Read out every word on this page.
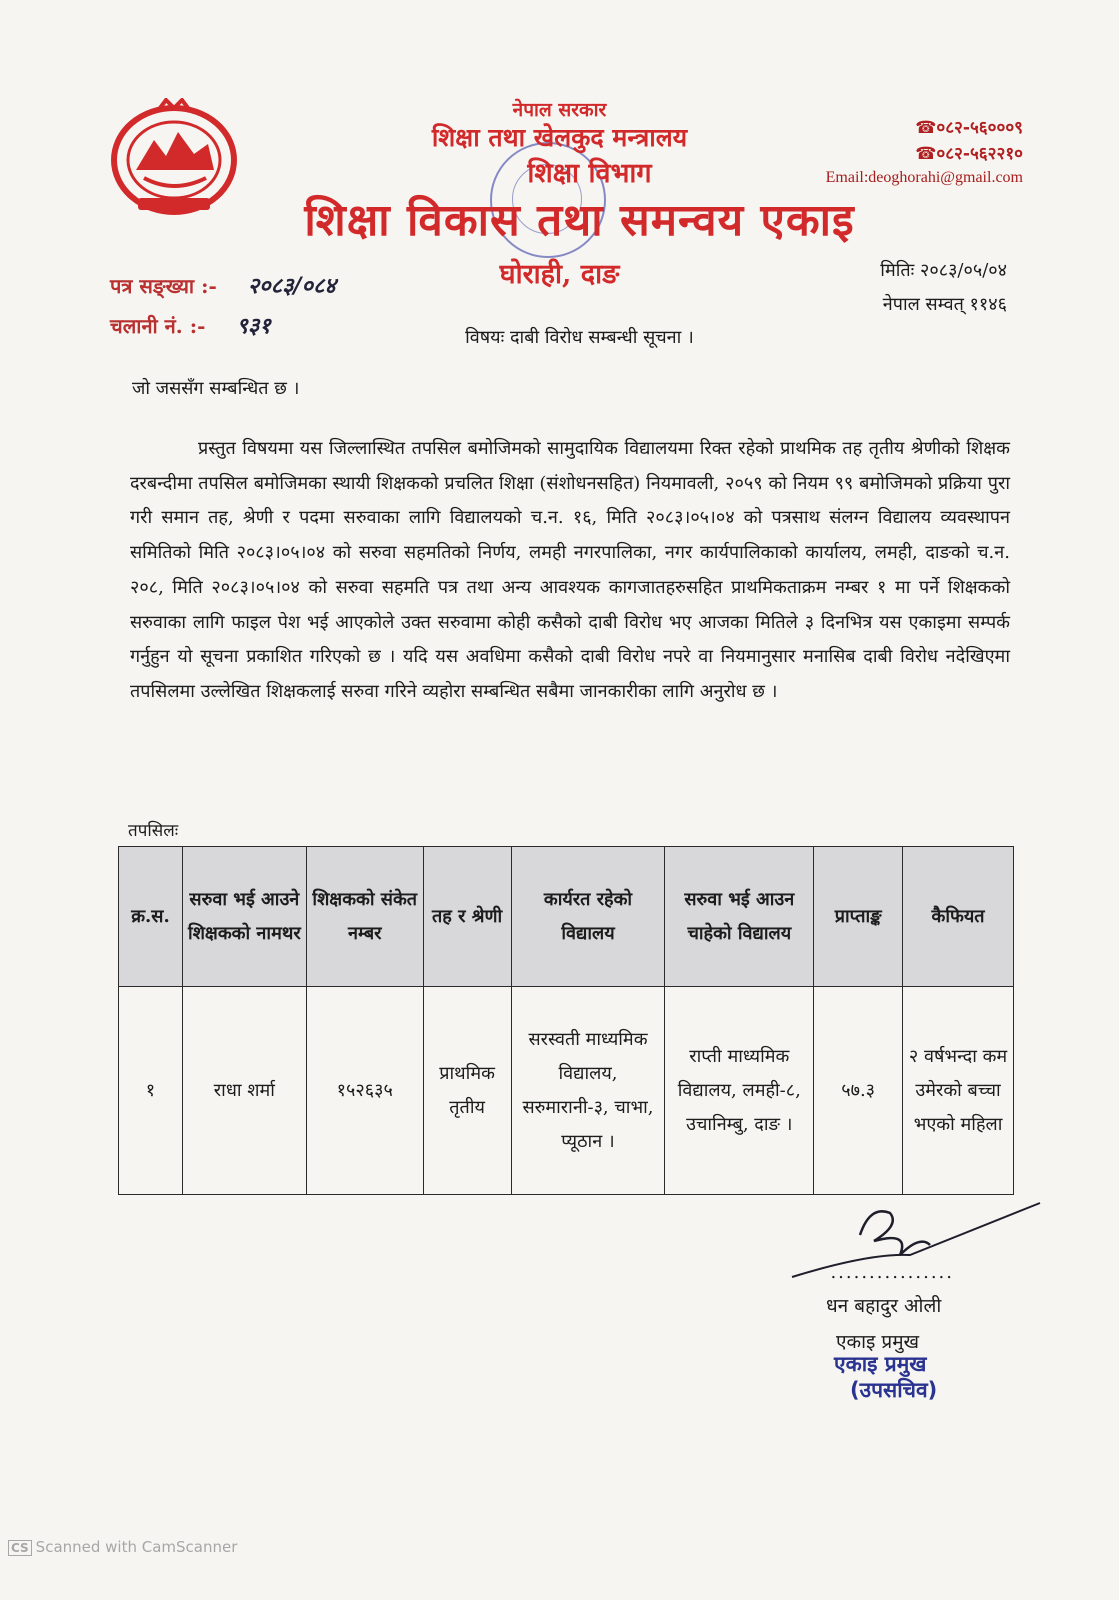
नेपाल सरकार
शिक्षा तथा खेलकुद मन्त्रालय
शिक्षा विभाग
शिक्षा विकास तथा समन्वय एकाइ
घोराही, दाङ
☎०८२-५६०००९
☎०८२-५६२२१०
Email:deoghorahi@gmail.com
पत्र सङ्ख्या :- २०८३/०८४
चलानी नं. :- ९३१
मितिः २०८३/०५/०४
नेपाल सम्वत् ११४६
विषयः दाबी विरोध सम्बन्धी सूचना ।
जो जससँग सम्बन्धित छ ।
प्रस्तुत विषयमा यस जिल्लास्थित तपसिल बमोजिमको सामुदायिक विद्यालयमा रिक्त रहेको प्राथमिक तह तृतीय श्रेणीको शिक्षक दरबन्दीमा तपसिल बमोजिमका स्थायी शिक्षकको प्रचलित शिक्षा (संशोधनसहित) नियमावली, २०५९ को नियम ९९ बमोजिमको प्रक्रिया पुरा गरी समान तह, श्रेणी र पदमा सरुवाका लागि विद्यालयको च.न. १६, मिति २०८३।०५।०४ को पत्रसाथ संलग्न विद्यालय व्यवस्थापन समितिको मिति २०८३।०५।०४ को सरुवा सहमतिको निर्णय, लमही नगरपालिका, नगर कार्यपालिकाको कार्यालय, लमही, दाङको च.न. २०८, मिति २०८३।०५।०४ को सरुवा सहमति पत्र तथा अन्य आवश्यक कागजातहरुसहित प्राथमिकताक्रम नम्बर १ मा पर्ने शिक्षकको सरुवाका लागि फाइल पेश भई आएकोले उक्त सरुवामा कोही कसैको दाबी विरोध भए आजका मितिले ३ दिनभित्र यस एकाइमा सम्पर्क गर्नुहुन यो सूचना प्रकाशित गरिएको छ । यदि यस अवधिमा कसैको दाबी विरोध नपरे वा नियमानुसार मनासिब दाबी विरोध नदेखिएमा तपसिलमा उल्लेखित शिक्षकलाई सरुवा गरिने व्यहोरा सम्बन्धित सबैमा जानकारीका लागि अनुरोध छ ।
तपसिलः
क्र.स.	सरुवा भई आउने शिक्षकको नामथर	शिक्षकको संकेत नम्बर	तह र श्रेणी	कार्यरत रहेको विद्यालय	सरुवा भई आउन चाहेको विद्यालय	प्राप्ताङ्क	कैफियत
१	राधा शर्मा	१५२६३५	प्राथमिक तृतीय	सरस्वती माध्यमिक विद्यालय, सरुमारानी-३, चाभा, प्यूठान ।	राप्ती माध्यमिक विद्यालय, लमही-८, उचानिम्बु, दाङ ।	५७.३	२ वर्षभन्दा कम उमेरको बच्चा भएको महिला
................
धन बहादुर ओली
एकाइ प्रमुख
एकाइ प्रमुख
(उपसचिव)
CS Scanned with CamScanner
